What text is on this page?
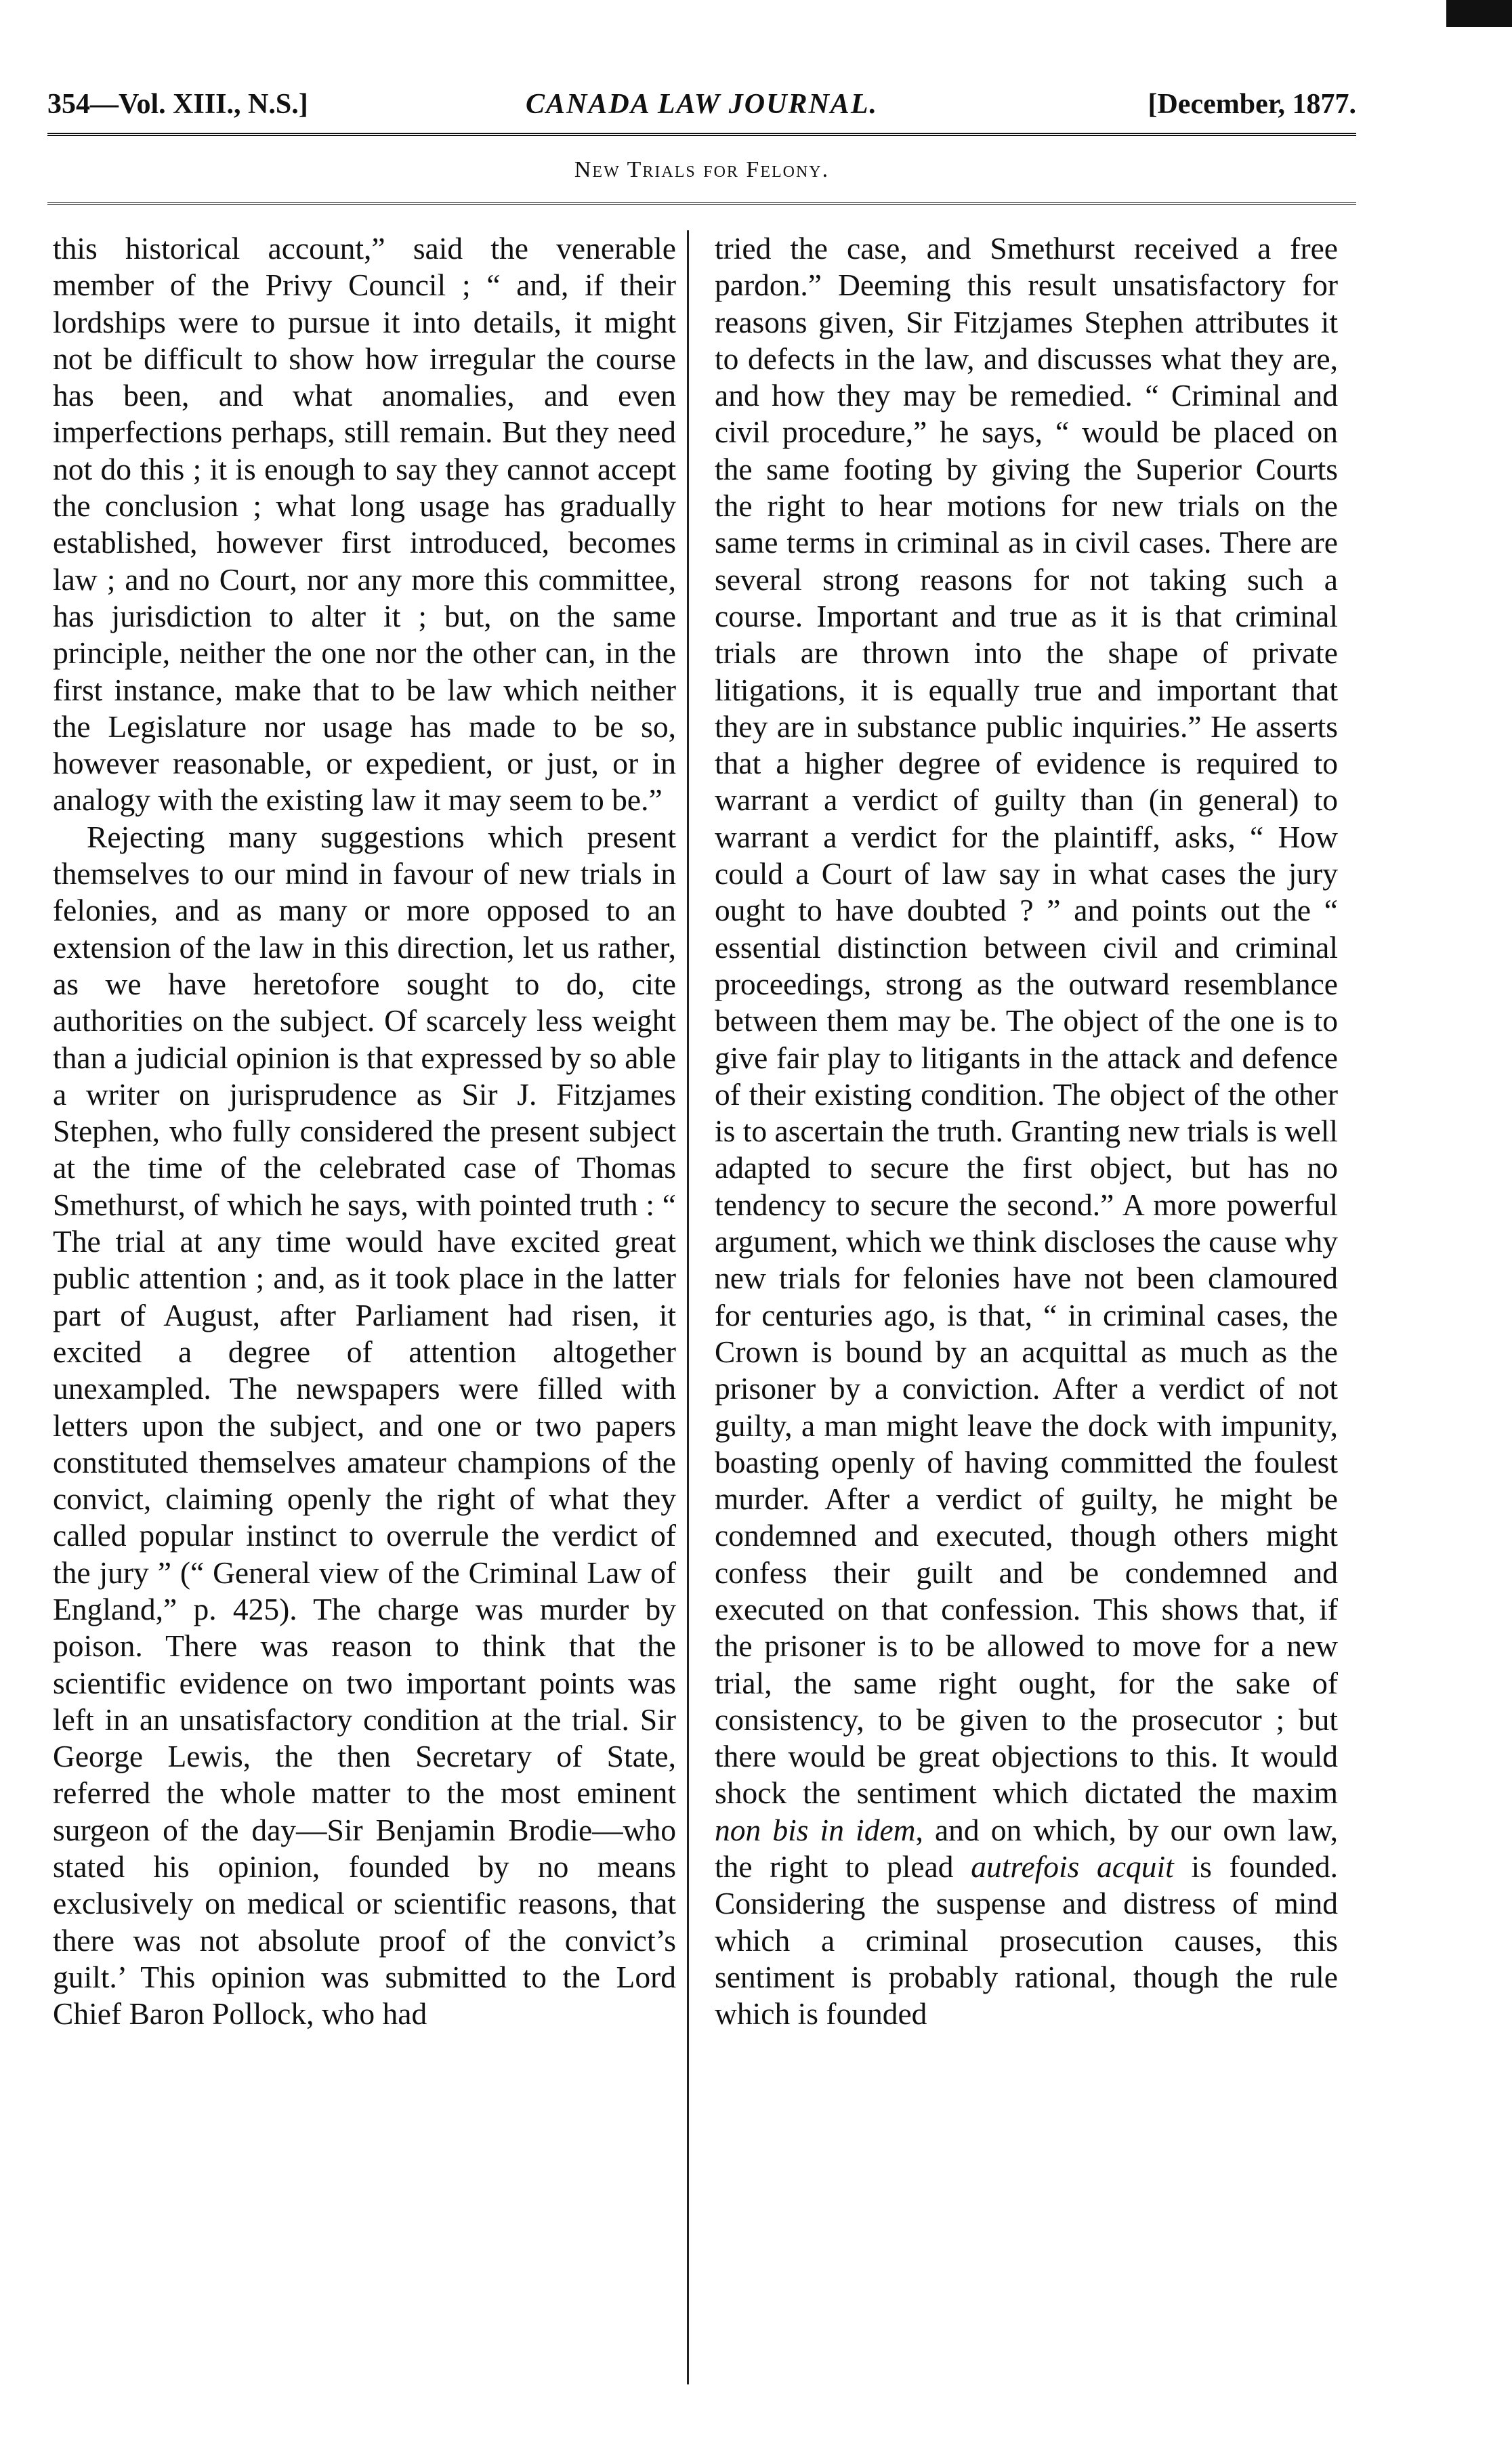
354—Vol. XIII., N.S.]	CANADA LAW JOURNAL.	[December, 1877.
New Trials for Felony.

this historical account,” said the venerable member of the Privy Council ; “ and, if their lordships were to pursue it into details, it might not be difficult to show how irregular the course has been, and what anomalies, and even imperfections perhaps, still remain. But they need not do this ; it is enough to say they cannot accept the conclusion ; what long usage has gradually established, however first introduced, becomes law ; and no Court, nor any more this committee, has jurisdiction to alter it ; but, on the same principle, neither the one nor the other can, in the first instance, make that to be law which neither the Legislature nor usage has made to be so, however reasonable, or expedient, or just, or in analogy with the existing law it may seem to be.”

Rejecting many suggestions which present themselves to our mind in favour of new trials in felonies, and as many or more opposed to an extension of the law in this direction, let us rather, as we have heretofore sought to do, cite authorities on the subject. Of scarcely less weight than a judicial opinion is that expressed by so able a writer on jurisprudence as Sir J. Fitzjames Stephen, who fully considered the present subject at the time of the celebrated case of Thomas Smethurst, of which he says, with pointed truth : “ The trial at any time would have excited great public attention ; and, as it took place in the latter part of August, after Parliament had risen, it excited a degree of attention altogether unexampled. The newspapers were filled with letters upon the subject, and one or two papers constituted themselves amateur champions of the convict, claiming openly the right of what they called popular instinct to overrule the verdict of the jury ” (“ General view of the Criminal Law of England,” p. 425). The charge was murder by poison. There was reason to think that the scientific evidence on two important points was left in an unsatisfactory condition at the trial. Sir George Lewis, the then Secretary of State, referred the whole matter to the most eminent surgeon of the day—Sir Benjamin Brodie—who stated his opinion, founded by no means exclusively on medical or scientific reasons, that there was not absolute proof of the convict’s guilt.’ This opinion was submitted to the Lord Chief Baron Pollock, who had

tried the case, and Smethurst received a free pardon.” Deeming this result unsatisfactory for reasons given, Sir Fitzjames Stephen attributes it to defects in the law, and discusses what they are, and how they may be remedied. “ Criminal and civil procedure,” he says, “ would be placed on the same footing by giving the Superior Courts the right to hear motions for new trials on the same terms in criminal as in civil cases. There are several strong reasons for not taking such a course. Important and true as it is that criminal trials are thrown into the shape of private litigations, it is equally true and important that they are in substance public inquiries.” He asserts that a higher degree of evidence is required to warrant a verdict of guilty than (in general) to warrant a verdict for the plaintiff, asks, “ How could a Court of law say in what cases the jury ought to have doubted ? ” and points out the “ essential distinction between civil and criminal proceedings, strong as the outward resemblance between them may be. The object of the one is to give fair play to litigants in the attack and defence of their existing condition. The object of the other is to ascertain the truth. Granting new trials is well adapted to secure the first object, but has no tendency to secure the second.” A more powerful argument, which we think discloses the cause why new trials for felonies have not been clamoured for centuries ago, is that, “ in criminal cases, the Crown is bound by an acquittal as much as the prisoner by a conviction. After a verdict of not guilty, a man might leave the dock with impunity, boasting openly of having committed the foulest murder. After a verdict of guilty, he might be condemned and executed, though others might confess their guilt and be condemned and executed on that confession. This shows that, if the prisoner is to be allowed to move for a new trial, the same right ought, for the sake of consistency, to be given to the prosecutor ; but there would be great objections to this. It would shock the sentiment which dictated the maxim non bis in idem, and on which, by our own law, the right to plead autrefois acquit is founded. Considering the suspense and distress of mind which a criminal prosecution causes, this sentiment is probably rational, though the rule which is founded
